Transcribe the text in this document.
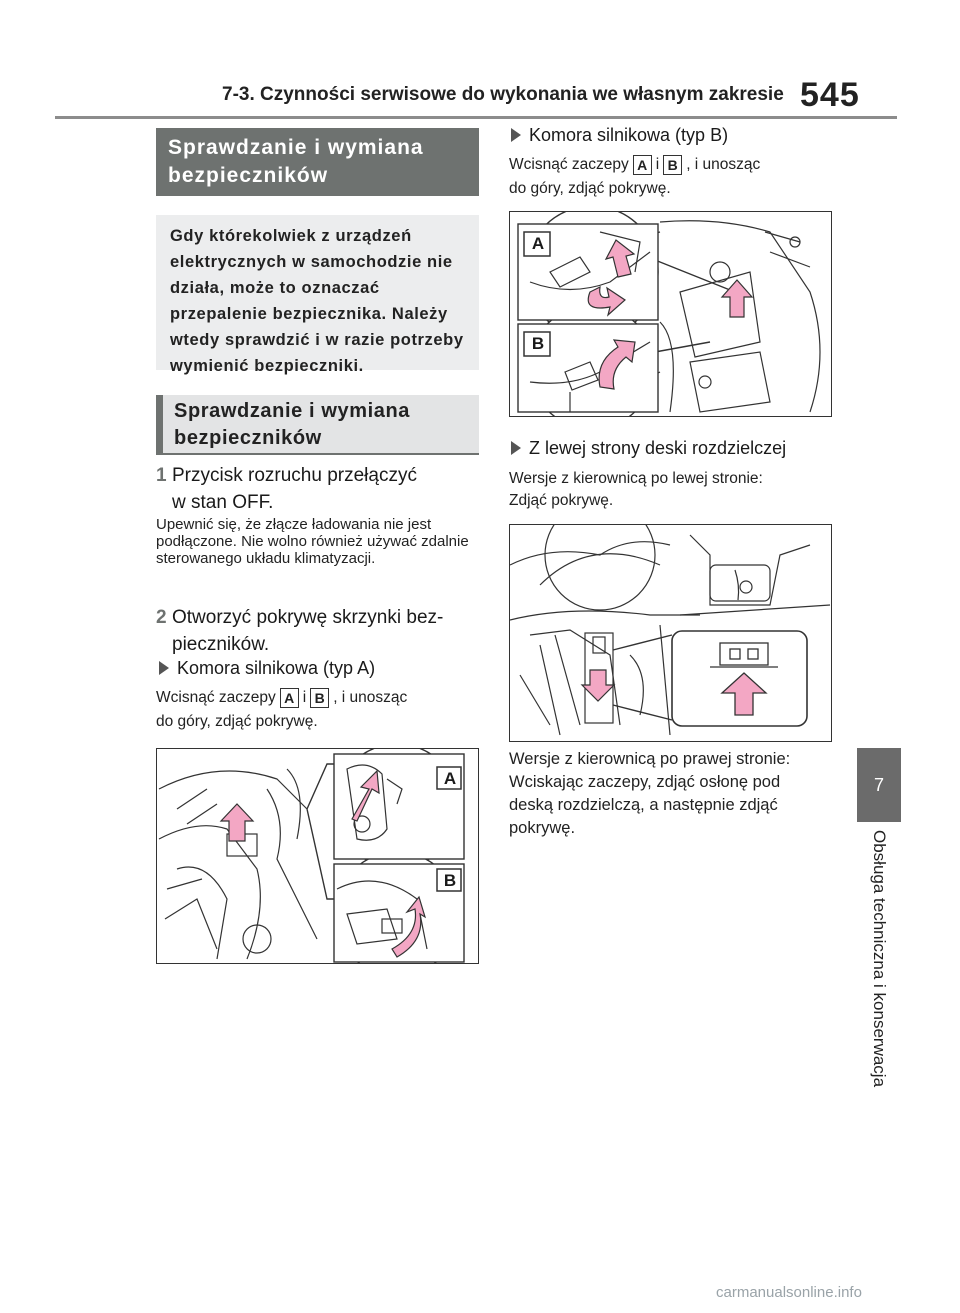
7-3. Czynności serwisowe do wykonania we własnym zakresie 545
7
Obsługa techniczna i konserwacja
Sprawdzanie i wymiana bezpieczników
Gdy którekolwiek z urządzeń elektrycznych w samochodzie nie działa, może to oznaczać przepalenie bezpiecznika. Należy wtedy sprawdzić i w razie potrzeby wymienić bezpieczniki.
Sprawdzanie i wymiana bezpieczników
1 Przycisk rozruchu przełączyć
w stan OFF.
Upewnić się, że złącze ładowania nie jest podłączone. Nie wolno również używać zdalnie sterowanego układu klimatyzacji.
2 Otworzyć pokrywę skrzynki bez-
pieczników.
Komora silnikowa (typ A)
Wcisnąć zaczepy A i B , i unosząc
do góry, zdjąć pokrywę.
A
B
Komora silnikowa (typ B)
Wcisnąć zaczepy A i B , i unosząc
do góry, zdjąć pokrywę.
A
B
Z lewej strony deski rozdzielczej
Wersje z kierownicą po lewej stronie:
Zdjąć pokrywę.
Wersje z kierownicą po prawej stronie:
Wciskając zaczepy, zdjąć osłonę pod
deską rozdzielczą, a następnie zdjąć
pokrywę.
carmanualsonline.info
